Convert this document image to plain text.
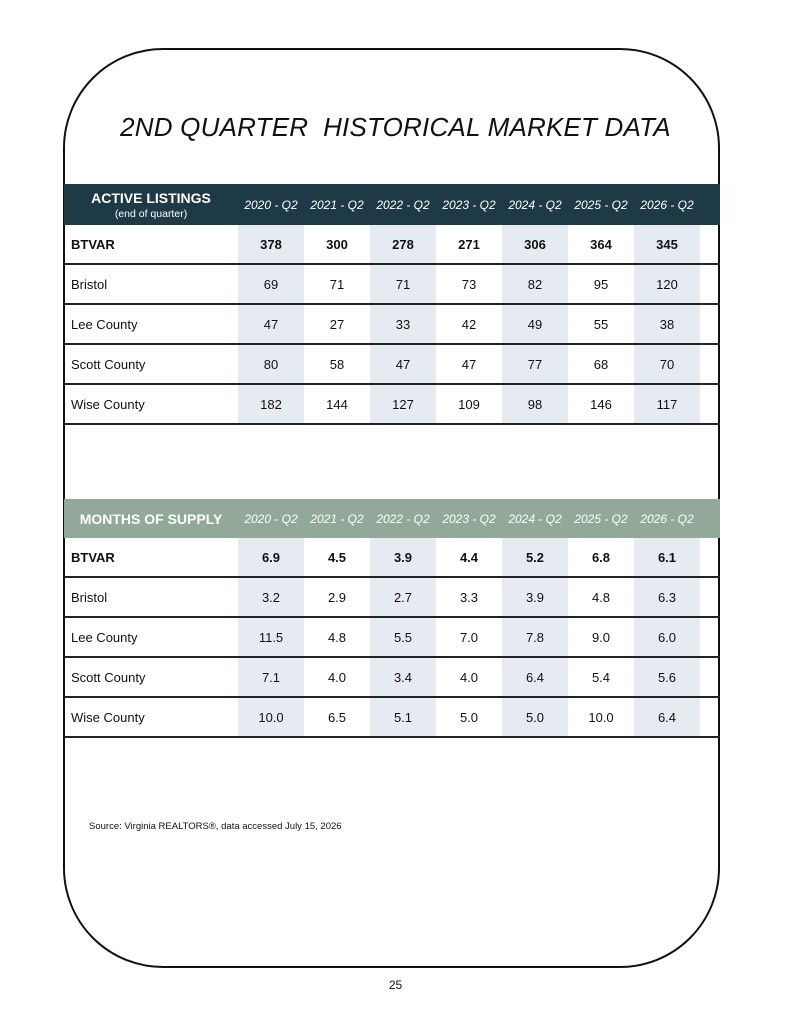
2ND QUARTER  HISTORICAL MARKET DATA
ACTIVE LISTINGS
(end of quarter)	2020 - Q2	2021 - Q2	2022 - Q2	2023 - Q2	2024 - Q2	2025 - Q2	2026 - Q2	
BTVAR	378	300	278	271	306	364	345	
Bristol	69	71	71	73	82	95	120	
Lee County	47	27	33	42	49	55	38	
Scott County	80	58	47	47	77	68	70	
Wise County	182	144	127	109	98	146	117	
MONTHS OF SUPPLY	2020 - Q2	2021 - Q2	2022 - Q2	2023 - Q2	2024 - Q2	2025 - Q2	2026 - Q2	
BTVAR	6.9	4.5	3.9	4.4	5.2	6.8	6.1	
Bristol	3.2	2.9	2.7	3.3	3.9	4.8	6.3	
Lee County	11.5	4.8	5.5	7.0	7.8	9.0	6.0	
Scott County	7.1	4.0	3.4	4.0	6.4	5.4	5.6	
Wise County	10.0	6.5	5.1	5.0	5.0	10.0	6.4	
Source: Virginia REALTORS®, data accessed July 15, 2026
25
